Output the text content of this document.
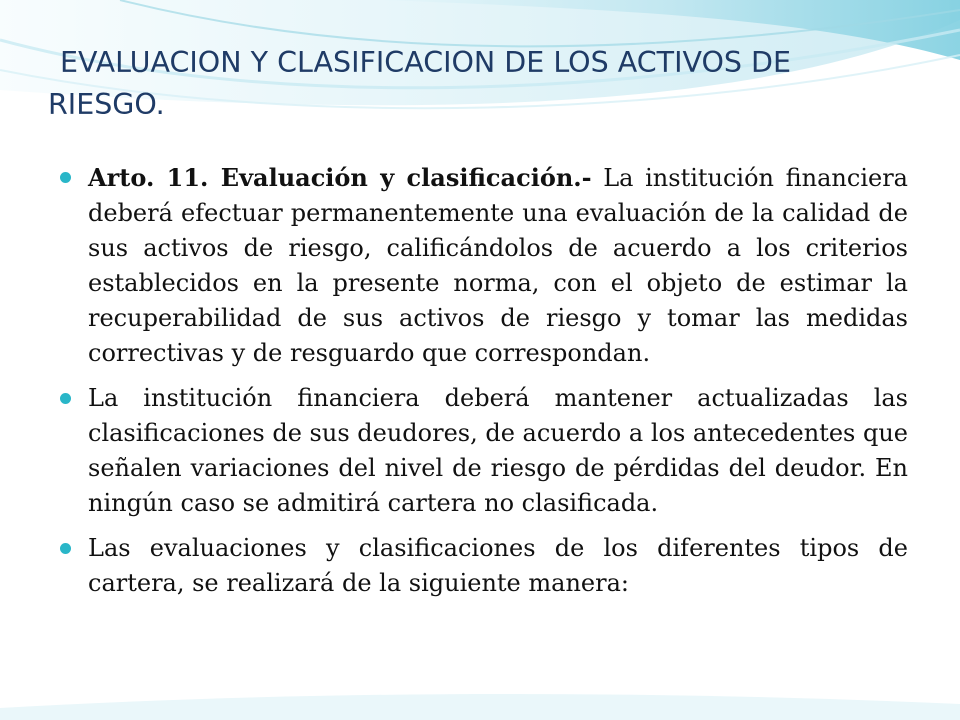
EVALUACION Y CLASIFICACION DE LOS ACTIVOS DE
RIESGO.
Arto. 11. Evaluación y clasificación.- La institución financiera deberá efectuar permanentemente una evaluación de la calidad de sus activos de riesgo, calificándolos de acuerdo a los criterios establecidos en la presente norma, con el objeto de estimar la recuperabilidad de sus activos de riesgo y tomar las medidas correctivas y de resguardo que correspondan.
La institución financiera deberá mantener actualizadas las clasificaciones de sus deudores, de acuerdo a los antecedentes que señalen variaciones del nivel de riesgo de pérdidas del deudor. En ningún caso se admitirá cartera no clasificada.
Las evaluaciones y clasificaciones de los diferentes tipos de cartera, se realizará de la siguiente manera:
